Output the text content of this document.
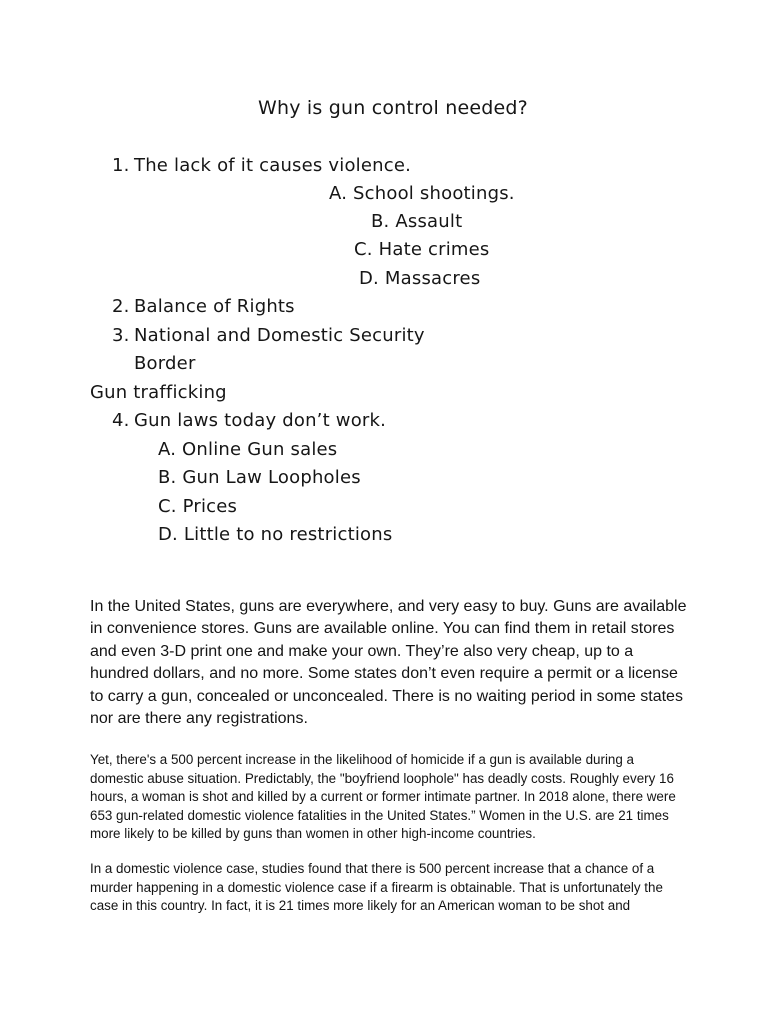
Why is gun control needed?
1. The lack of it causes violence.
A. School shootings.
B. Assault
C. Hate crimes
D. Massacres
2. Balance of Rights
3. National and Domestic Security
Border
Gun trafficking
4. Gun laws today don’t work.
A. Online Gun sales
B. Gun Law Loopholes
C. Prices
D. Little to no restrictions

In the United States, guns are everywhere, and very easy to buy. Guns are available in convenience stores. Guns are available online. You can find them in retail stores and even 3-D print one and make your own. They’re also very cheap, up to a hundred dollars, and no more. Some states don’t even require a permit or a license to carry a gun, concealed or unconcealed. There is no waiting period in some states nor are there any registrations.

Yet, there's a 500 percent increase in the likelihood of homicide if a gun is available during a domestic abuse situation. Predictably, the "boyfriend loophole" has deadly costs. Roughly every 16 hours, a woman is shot and killed by a current or former intimate partner. In 2018 alone, there were 653 gun-related domestic violence fatalities in the United States.” Women in the U.S. are 21 times more likely to be killed by guns than women in other high-income countries.

In a domestic violence case, studies found that there is 500 percent increase that a chance of a murder happening in a domestic violence case if a firearm is obtainable. That is unfortunately the case in this country. In fact, it is 21 times more likely for an American woman to be shot and
